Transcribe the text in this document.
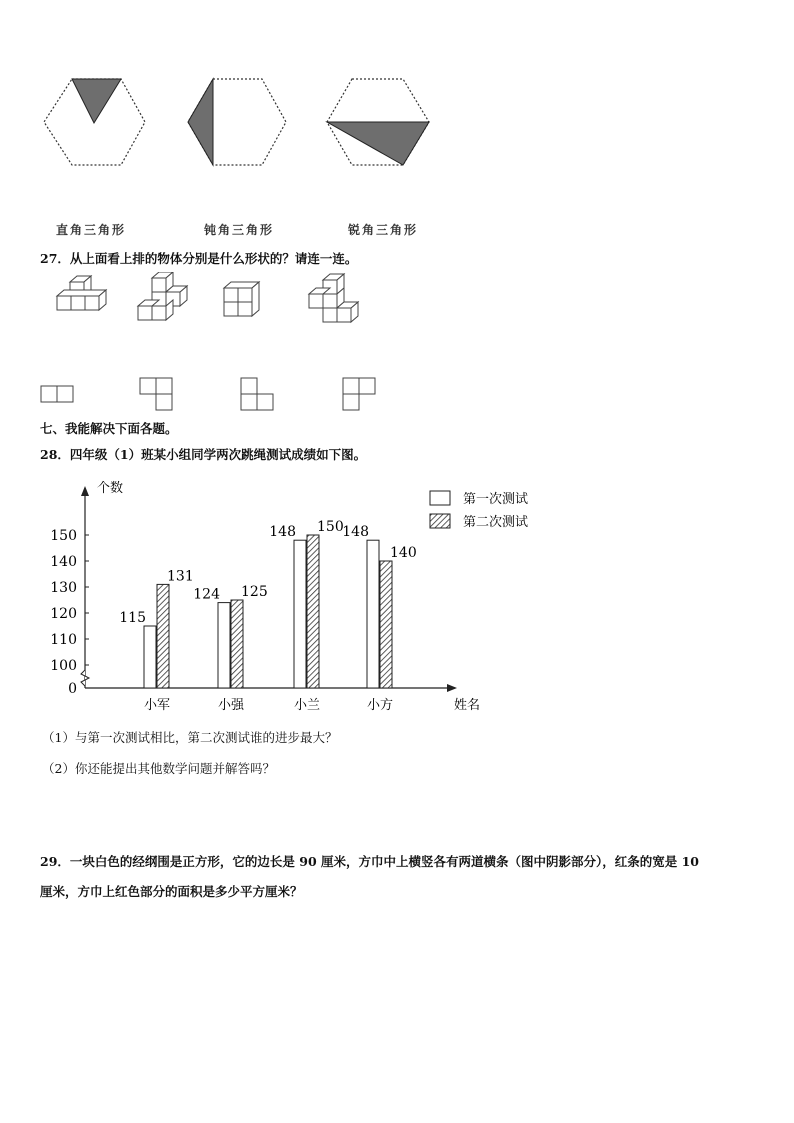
直角三角形	钝角三角形	锐角三角形
27．从上面看上排的物体分别是什么形状的？请连一连。
七、我能解决下面各题。
28．四年级（1）班某小组同学两次跳绳测试成绩如下图。
0
100
110
120
130
140
150
个数
姓名
115
131
小军
124 125
小强
148 150
小兰
148
140
小方
第一次测试
第二次测试
（1）与第一次测试相比，第二次测试谁的进步最大？
（2）你还能提出其他数学问题并解答吗？
29．一块白色的经纲围是正方形，它的边长是 90 厘米，方巾中上横竖各有两道横条（图中阴影部分），红条的宽是 10
厘米，方巾上红色部分的面积是多少平方厘米？
